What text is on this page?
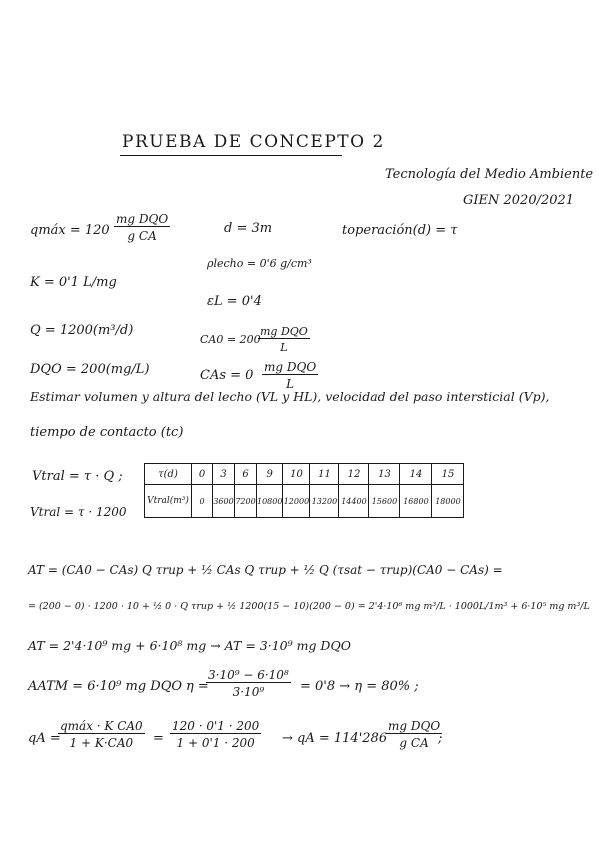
PRUEBA DE CONCEPTO 2
Tecnología del Medio Ambiente
GIEN 2020/2021
qmáx = 120
mg DQO
g CA	d = 3m	toperación(d) = τ
ρlecho = 0'6 g/cm³
K = 0'1 L/mg
εL = 0'4
Q = 1200(m³/d)
CA0 = 200
mg DQO
L
DQO = 200(mg/L)	CAs = 0
mg DQO
L
Estimar volumen y altura del lecho (VL y HL), velocidad del paso intersticial (Vp),
tiempo de contacto (tc)
Vtral = τ · Q ;
Vtral = τ · 1200
τ(d)	0	3	6	9	10	11	12	13	14	15
Vtral(m³)	0	3600	7200	10800	12000	13200	14400	15600	16800	18000
AT = (CA0 − CAs) Q τrup + ½ CAs Q τrup + ½ Q (τsat − τrup)(CA0 − CAs) =
= (200 − 0) · 1200 · 10 + ½ 0 · Q τrup + ½ 1200(15 − 10)(200 − 0) = 2'4·10⁶ mg m³/L · 1000L/1m³ + 6·10⁵ mg m³/L
AT = 2'4·10⁹ mg + 6·10⁸ mg → AT = 3·10⁹ mg DQO
AATM = 6·10⁹ mg DQO η =
$\frac{\text{3·10⁹ − 6·10⁸}}{\text{3·10⁹}} = 0'8 \to \eta = 80\%$ ;
qA =
qmáx · K CA0
1 + K·CA0	= $\frac{120 \cdot 0'1 \cdot 200}{1 + 0'1 \cdot 200}$ → qA = 114'286
mg DQO
g CA ;
